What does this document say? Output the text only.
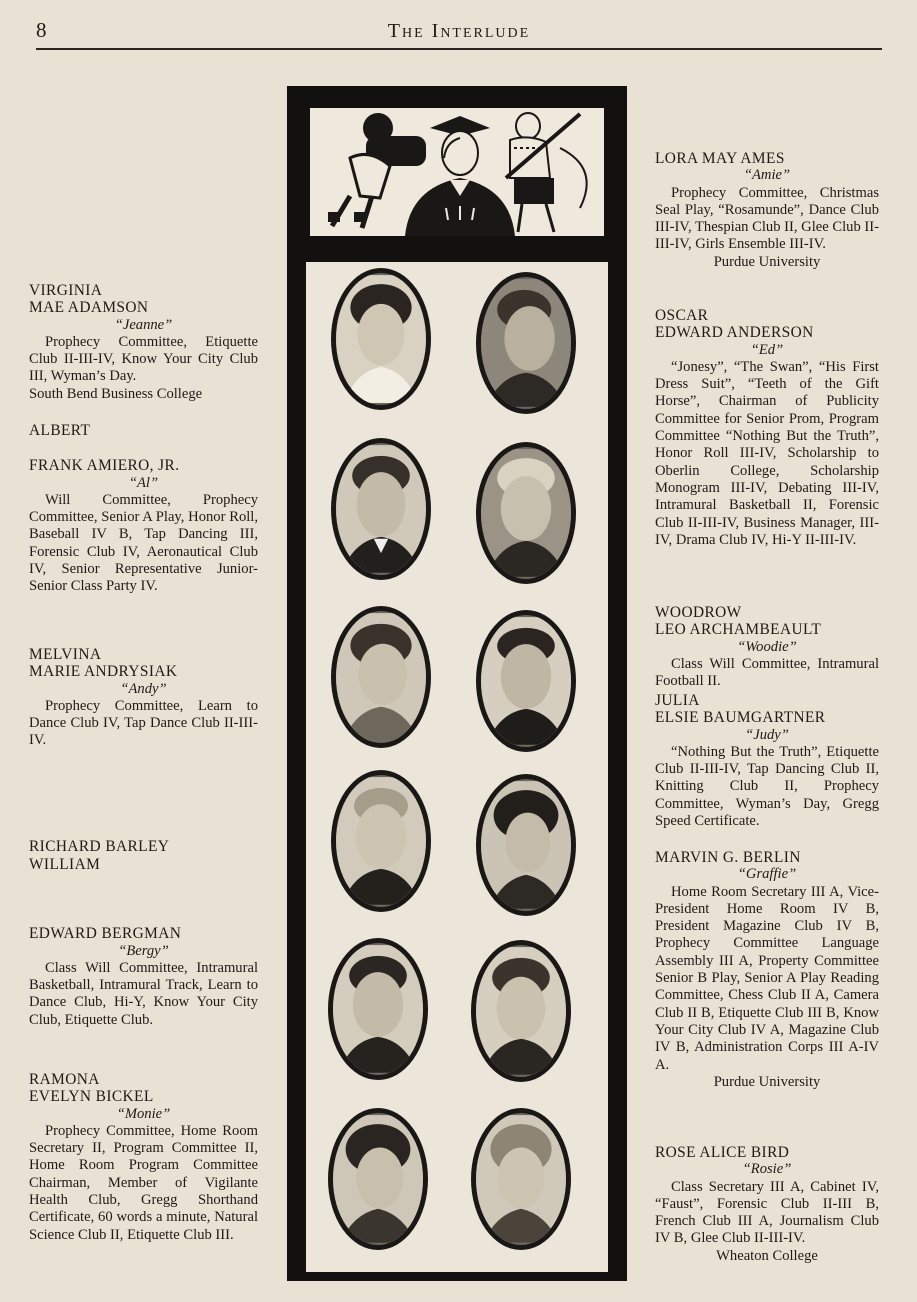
8	The Interlude
VIRGINIA
MAE ADAMSON
“Jeanne”
Prophecy Committee, Etiquette Club II-III-IV, Know Your City Club III, Wyman’s Day.
South Bend Business College
ALBERT
FRANK AMIERO, JR.
“Al”
Will Committee, Prophecy Committee, Senior A Play, Honor Roll, Baseball IV B, Tap Dancing III, Forensic Club IV, Aeronautical Club IV, Senior Representative Junior-Senior Class Party IV.
MELVINA
MARIE ANDRYSIAK
“Andy”
Prophecy Committee, Learn to Dance Club IV, Tap Dance Club II-III-IV.
RICHARD BARLEY
WILLIAM
EDWARD BERGMAN
“Bergy”
Class Will Committee, Intramural Basketball, Intramural Track, Learn to Dance Club, Hi-Y, Know Your City Club, Etiquette Club.
RAMONA
EVELYN BICKEL
“Monie”
Prophecy Committee, Home Room Secretary II, Program Committee II, Home Room Program Committee Chairman, Member of Vigilante Health Club, Gregg Shorthand Certificate, 60 words a minute, Natural Science Club II, Etiquette Club III.
LORA MAY AMES
“Amie”
Prophecy Committee, Christmas Seal Play, “Rosamunde”, Dance Club III-IV, Thespian Club II, Glee Club II-III-IV, Girls Ensemble III-IV.
Purdue University
OSCAR
EDWARD ANDERSON
“Ed”
“Jonesy”, “The Swan”, “His First Dress Suit”, “Teeth of the Gift Horse”, Chairman of Publicity Committee for Senior Prom, Program Committee “Nothing But the Truth”, Honor Roll III-IV, Scholarship to Oberlin College, Scholarship Monogram III-IV, Debating III-IV, Intramural Basketball II, Forensic Club II-III-IV, Business Manager, III-IV, Drama Club IV, Hi-Y II-III-IV.
WOODROW
LEO ARCHAMBEAULT
“Woodie”
Class Will Committee, Intramural Football II.
JULIA
ELSIE BAUMGARTNER
“Judy”
“Nothing But the Truth”, Etiquette Club II-III-IV, Tap Dancing Club II, Knitting Club II, Prophecy Committee, Wyman’s Day, Gregg Speed Certificate.
MARVIN G. BERLIN
“Graffie”
Home Room Secretary III A, Vice-President Home Room IV B, President Magazine Club IV B, Prophecy Committee Language Assembly III A, Property Committee Senior B Play, Senior A Play Reading Committee, Chess Club II A, Camera Club II B, Etiquette Club III B, Know Your City Club IV A, Magazine Club IV B, Administration Corps III A-IV A.
Purdue University
ROSE ALICE BIRD
“Rosie”
Class Secretary III A, Cabinet IV, “Faust”, Forensic Club II-III B, French Club III A, Journalism Club IV B, Glee Club II-III-IV.
Wheaton College
